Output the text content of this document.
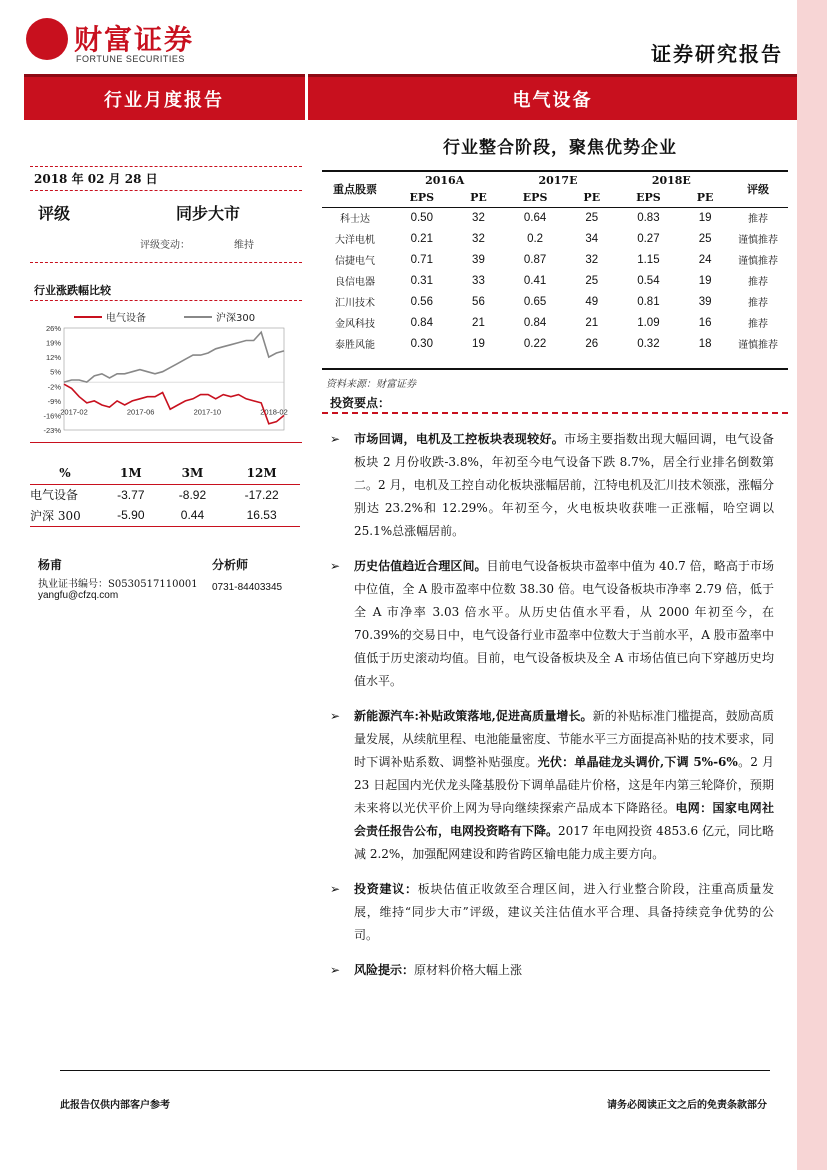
财富证券
FORTUNE SECURITIES	证券研究报告
行业月度报告	电气设备
行业整合阶段，聚焦优势企业
2018 年 02 月 28 日
评级	同步大市
评级变动：	维持
行业涨跌幅比较
26%
19%
12%
5%
-2%
-9%
-16%
-23%
2017-02	2017-06	2017-10	2018-02
电气设备	沪深300
%	1M	3M	12M
电气设备	-3.77	-8.92	-17.22
沪深 300	-5.90	0.44	16.53
杨甫	分析师
执业证书编号：S0530517110001 0731-84403345
yangfu@cfzq.com
重点股票	2016A		2017E		2018E		评级
	EPS	PE	EPS	PE	EPS	PE	
科士达	0.50	32	0.64	25	0.83	19	推荐
大洋电机	0.21	32	0.2	34	0.27	25	谨慎推荐
信捷电气	0.71	39	0.87	32	1.15	24	谨慎推荐
良信电器	0.31	33	0.41	25	0.54	19	推荐
汇川技术	0.56	56	0.65	49	0.81	39	推荐
金风科技	0.84	21	0.84	21	1.09	16	推荐
泰胜风能	0.30	19	0.22	26	0.32	18	谨慎推荐
资料来源：财富证券
投资要点：
➢ 市场回调，电机及工控板块表现较好。市场主要指数出现大幅回调，电气设备板块 2 月份收跌-3.8%，年初至今电气设备下跌 8.7%，居全行业排名倒数第二。2 月，电机及工控自动化板块涨幅居前，江特电机及汇川技术领涨，涨幅分别达 23.2%和 12.29%。年初至今，火电板块收获唯一正涨幅，哈空调以 25.1%总涨幅居前。
➢ 历史估值趋近合理区间。目前电气设备板块市盈率中值为 40.7 倍，略高于市场中位值，全 A 股市盈率中位数 38.30 倍。电气设备板块市净率 2.79 倍，低于全 A 市净率 3.03 倍水平。从历史估值水平看，从 2000 年初至今，在 70.39%的交易日中，电气设备行业市盈率中位数大于当前水平，A 股市盈率中值低于历史滚动均值。目前，电气设备板块及全 A 市场估值已向下穿越历史均值水平。
➢ 新能源汽车:补贴政策落地,促进高质量增长。新的补贴标准门槛提高，鼓励高质量发展，从续航里程、电池能量密度、节能水平三方面提高补贴的技术要求，同时下调补贴系数、调整补贴强度。光伏：单晶硅龙头调价,下调 5%-6%。2 月 23 日起国内光伏龙头隆基股份下调单晶硅片价格，这是年内第三轮降价，预期未来将以光伏平价上网为导向继续探索产品成本下降路径。电网：国家电网社会责任报告公布，电网投资略有下降。2017 年电网投资 4853.6 亿元，同比略减 2.2%，加强配网建设和跨省跨区输电能力成主要方向。
➢ 投资建议：板块估值正收敛至合理区间，进入行业整合阶段，注重高质量发展，维持“同步大市”评级，建议关注估值水平合理、具备持续竞争优势的公司。
➢ 风险提示：原材料价格大幅上涨
此报告仅供内部客户参考	请务必阅读正文之后的免责条款部分
